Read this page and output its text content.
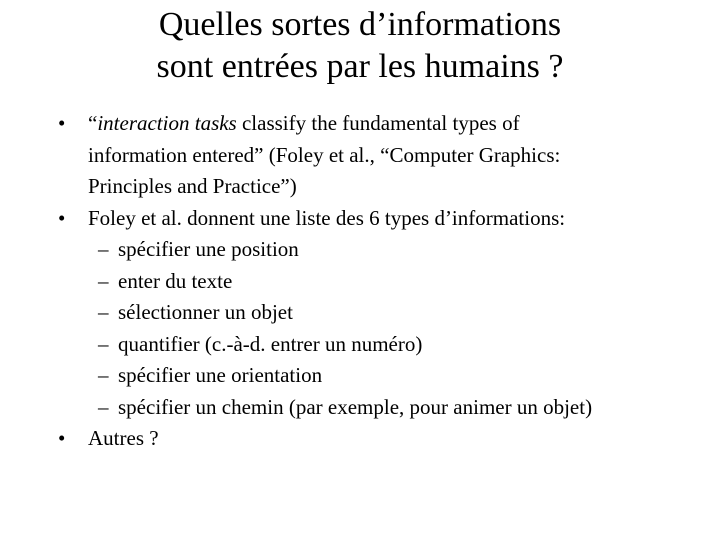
Quelles sortes d’informations
sont entrées par les humains ?
•	“interaction tasks classify the fundamental types of
information entered” (Foley et al., “Computer Graphics:
Principles and Practice”)
•	Foley et al. donnent une liste des 6 types d’informations:
– spécifier une position
– enter du texte
– sélectionner un objet
– quantifier (c.-à-d. entrer un numéro)
– spécifier une orientation
– spécifier un chemin (par exemple, pour animer un objet)
•	Autres ?
